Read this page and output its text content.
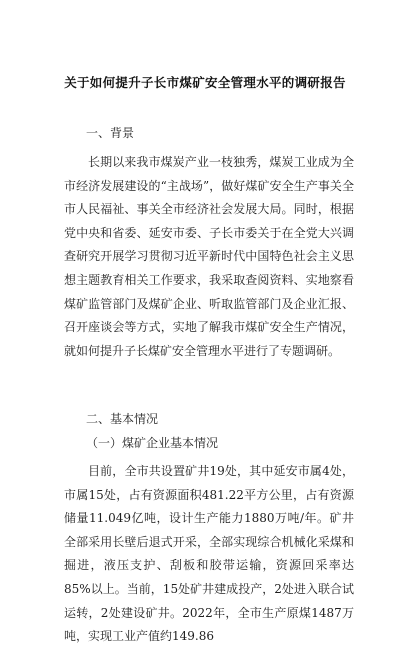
关于如何提升子长市煤矿安全管理水平的调研报告
一、背景

长期以来我市煤炭产业一枝独秀，煤炭工业成为全市经济发展建设的“主战场”，做好煤矿安全生产事关全市人民福祉、事关全市经济社会发展大局。同时，根据党中央和省委、延安市委、子长市委关于在全党大兴调查研究开展学习贯彻习近平新时代中国特色社会主义思想主题教育相关工作要求，我采取查阅资料、实地察看煤矿监管部门及煤矿企业、听取监管部门及企业汇报、召开座谈会等方式，实地了解我市煤矿安全生产情况，就如何提升子长煤矿安全管理水平进行了专题调研。

二、基本情况
（一）煤矿企业基本情况

目前，全市共设置矿井19处，其中延安市属4处，市属15处，占有资源面积481.22平方公里，占有资源储量11.049亿吨，设计生产能力1880万吨/年。矿井全部采用长壁后退式开采，全部实现综合机械化采煤和掘进，液压支护、刮板和胶带运输，资源回采率达85%以上。当前，15处矿井建成投产，2处进入联合试运转，2处建设矿井。2022年，全市生产原煤1487万吨，实现工业产值约149.86
